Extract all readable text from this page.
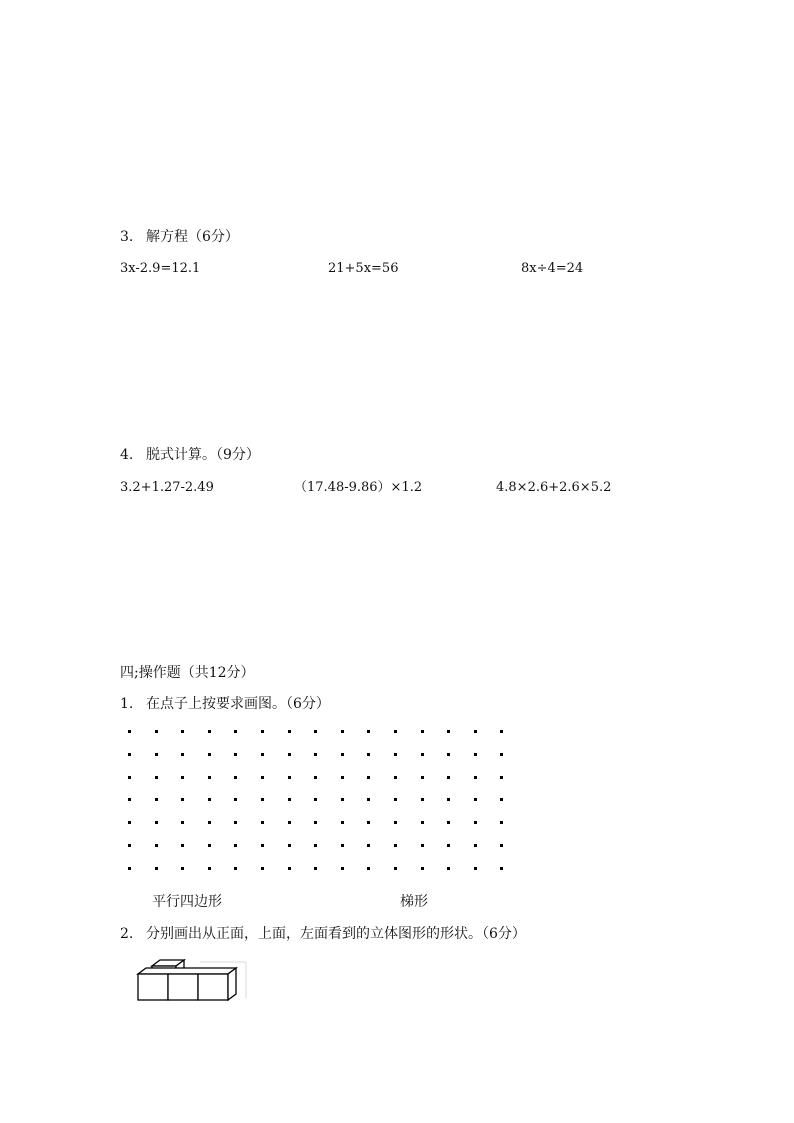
3. 解方程（6分）
3x-2.9=12.1	21+5x=56	8x÷4=24
4. 脱式计算。（9分）
3.2+1.27-2.49	（17.48-9.86）×1.2	4.8×2.6+2.6×5.2
四;操作题（共12分）
1. 在点子上按要求画图。（6分）
平行四边形	梯形
2. 分别画出从正面，上面，左面看到的立体图形的形状。（6分）
